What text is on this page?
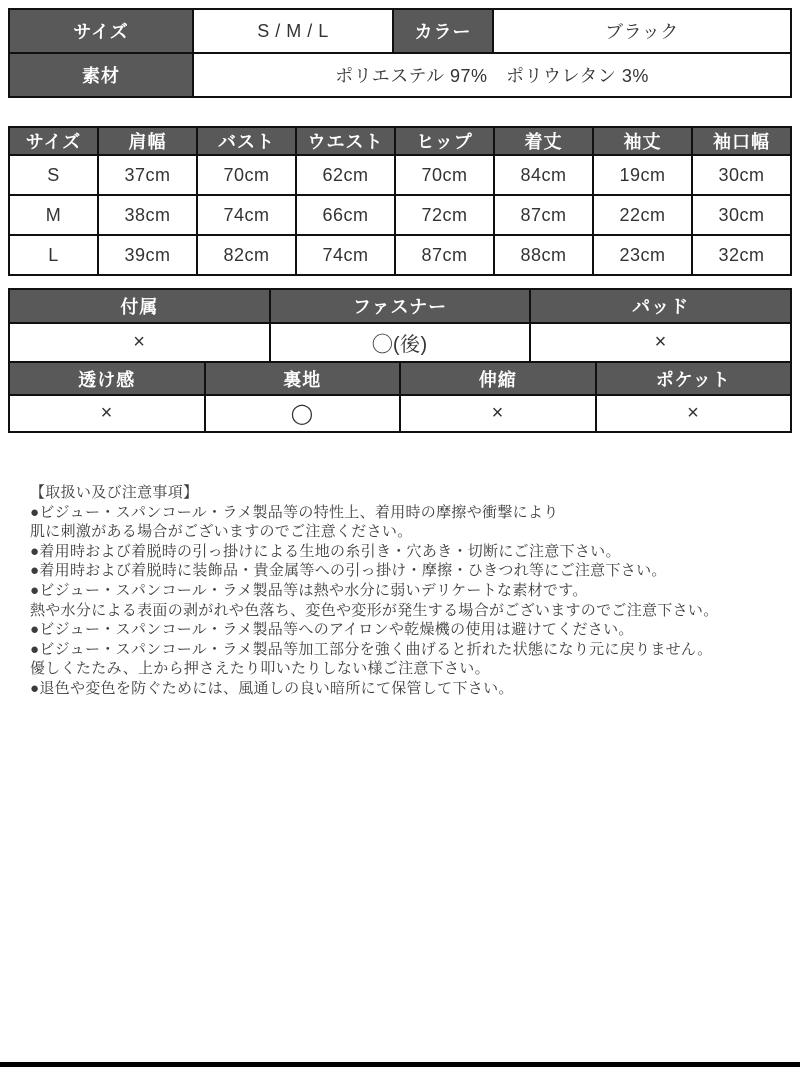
サイズ	S / M / L	カラー	ブラック
素材	ポリエステル 97%　ポリウレタン 3%
サイズ	肩幅	バスト	ウエスト	ヒップ	着丈	袖丈	袖口幅
S	37cm	70cm	62cm	70cm	84cm	19cm	30cm
M	38cm	74cm	66cm	72cm	87cm	22cm	30cm
L	39cm	82cm	74cm	87cm	88cm	23cm	32cm
付属	ファスナー	パッド
×	◯(後)	×
透け感	裏地	伸縮	ポケット
×	◯	×	×
【取扱い及び注意事項】
●ビジュー・スパンコール・ラメ製品等の特性上、着用時の摩擦や衝撃により
肌に刺激がある場合がございますのでご注意ください。
●着用時および着脱時の引っ掛けによる生地の糸引き・穴あき・切断にご注意下さい。
●着用時および着脱時に装飾品・貴金属等への引っ掛け・摩擦・ひきつれ等にご注意下さい。
●ビジュー・スパンコール・ラメ製品等は熱や水分に弱いデリケートな素材です。
熱や水分による表面の剥がれや色落ち、変色や変形が発生する場合がございますのでご注意下さい。
●ビジュー・スパンコール・ラメ製品等へのアイロンや乾燥機の使用は避けてください。
●ビジュー・スパンコール・ラメ製品等加工部分を強く曲げると折れた状態になり元に戻りません。
優しくたたみ、上から押さえたり叩いたりしない様ご注意下さい。
●退色や変色を防ぐためには、風通しの良い暗所にて保管して下さい。
